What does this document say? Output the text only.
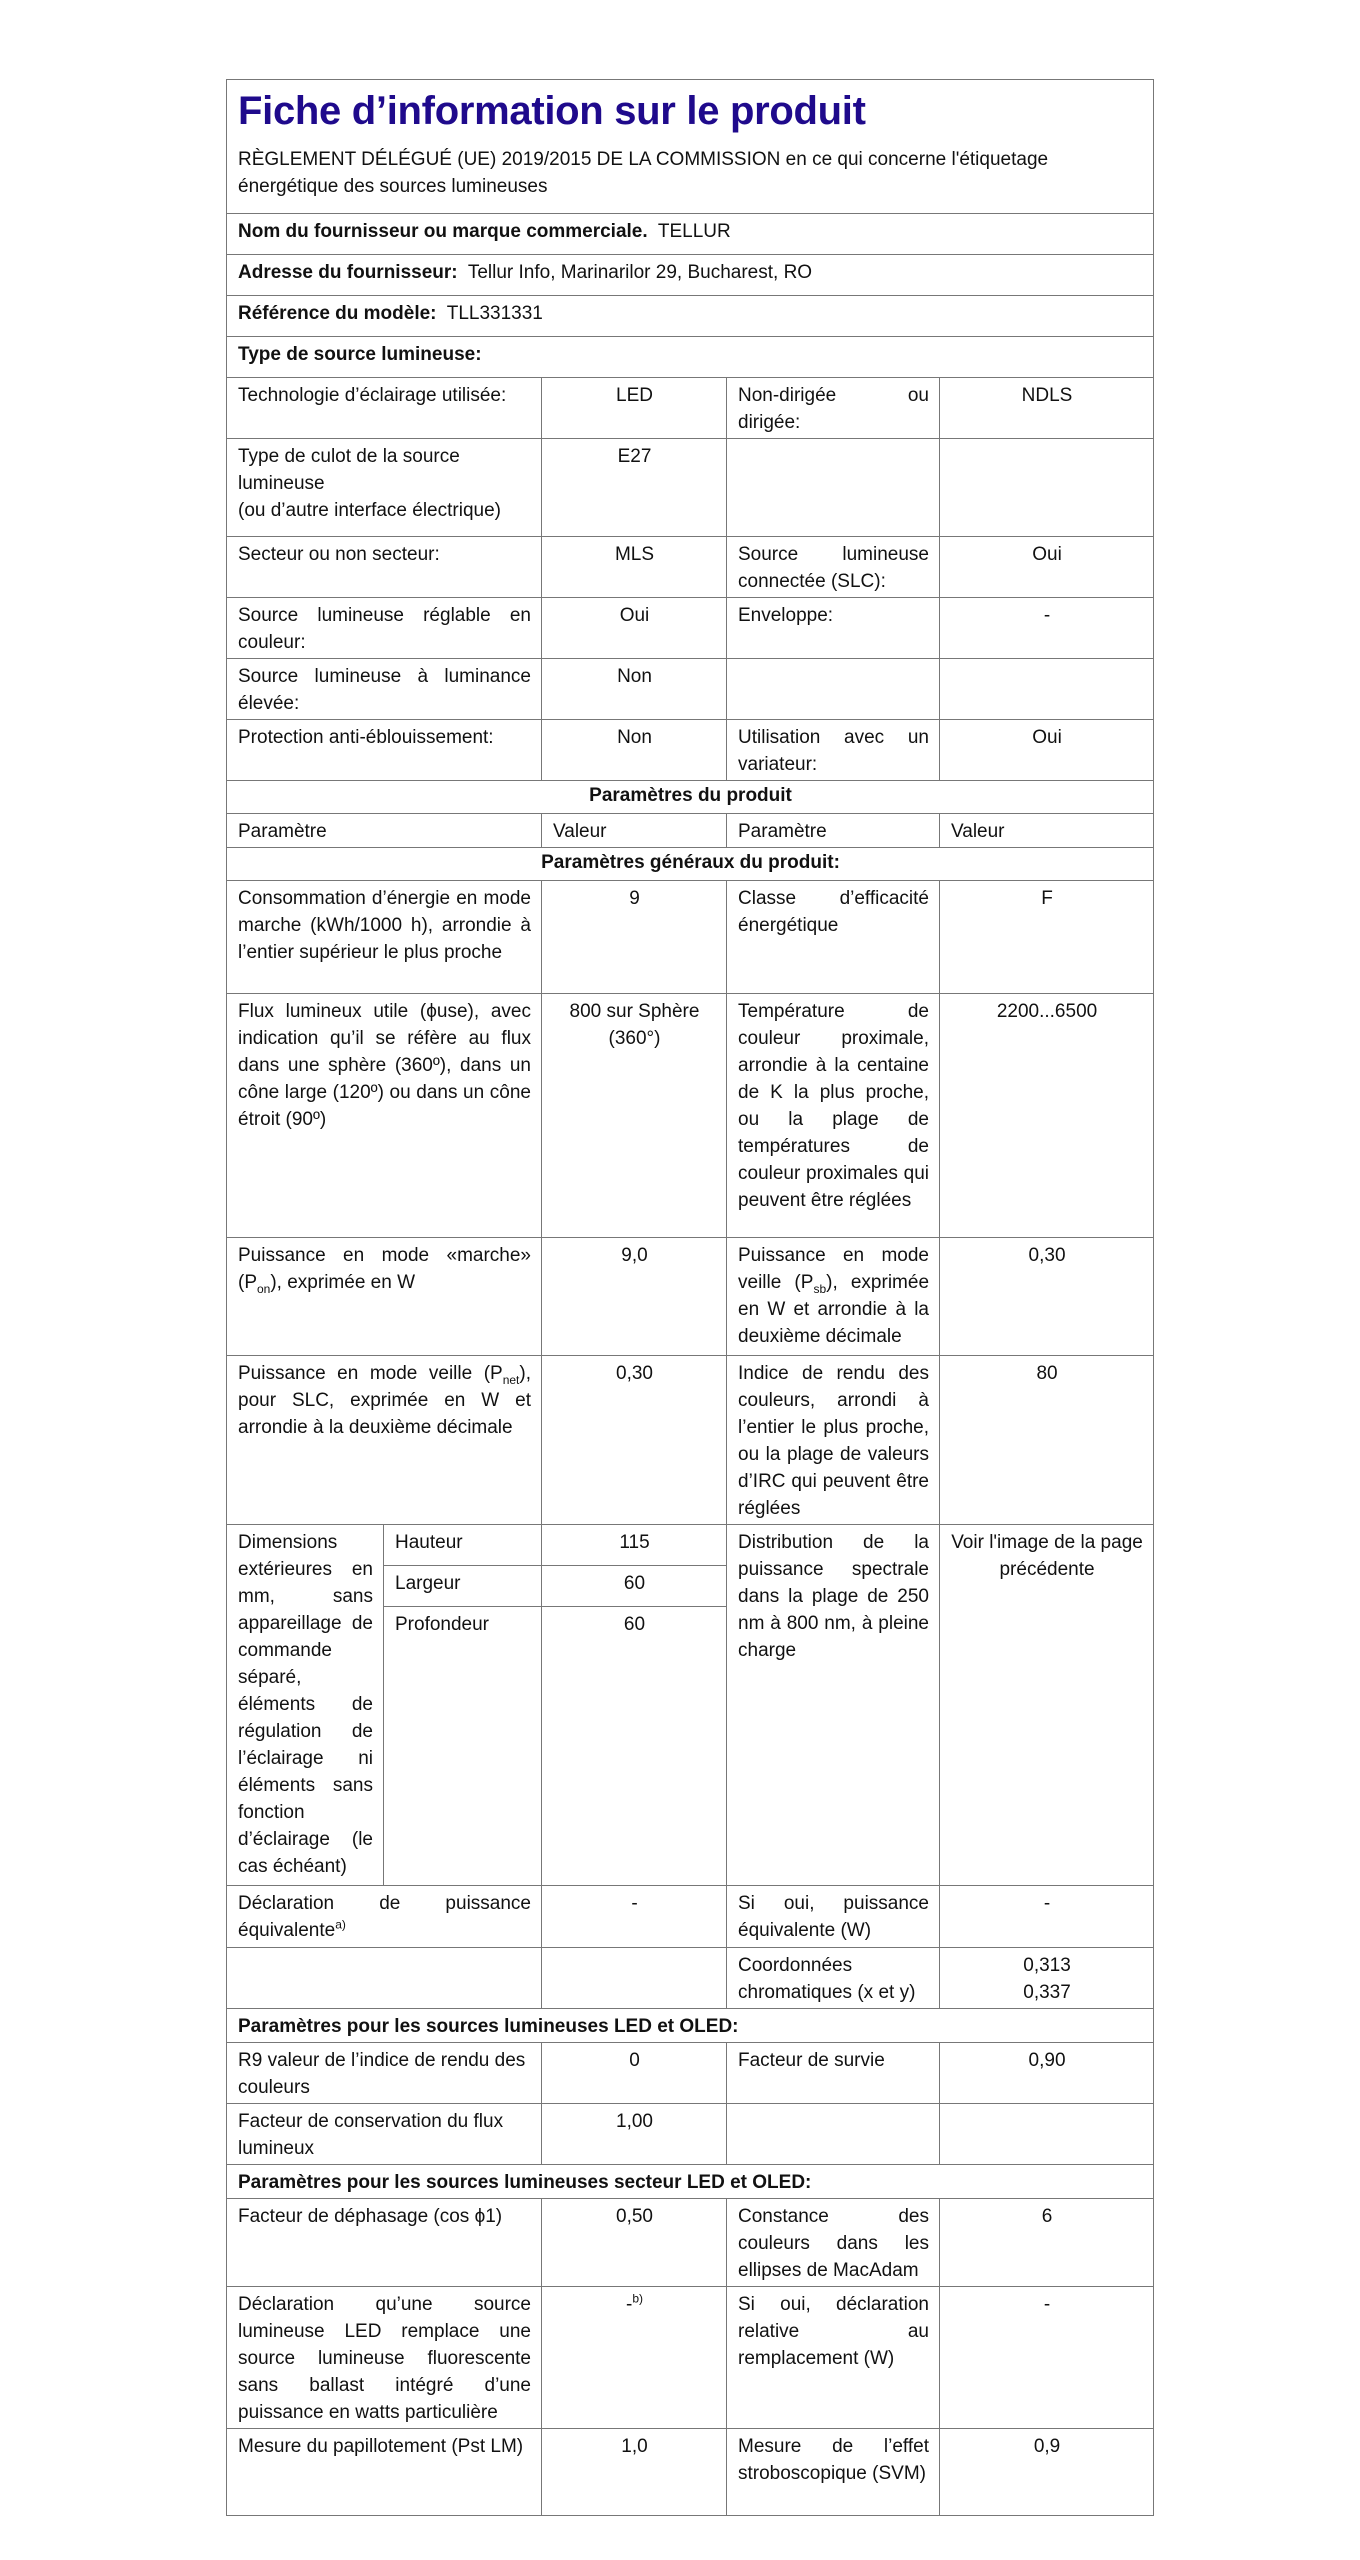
Fiche d’information sur le produit
RÈGLEMENT DÉLÉGUÉ (UE) 2019/2015 DE LA COMMISSION en ce qui concerne l'étiquetage énergétique des sources lumineuses				

Nom du fournisseur ou marque commerciale.  TELLUR				
Adresse du fournisseur:  Tellur Info, Marinarilor 29, Bucharest, RO				
Référence du modèle:  TLL331331				
Type de source lumineuse:				
Technologie d’éclairage utilisée:		LED	Non-dirigée ou dirigée:	NDLS
Type de culot de la source lumineuse
(ou d’autre interface électrique)		E27		
Secteur ou non secteur:		MLS	Source lumineuse connectée (SLC):	Oui
Source lumineuse réglable en couleur:		Oui	Enveloppe:	-
Source lumineuse à luminance élevée:		Non		
Protection anti-éblouissement:		Non	Utilisation avec un variateur:	Oui
Paramètres du produit				
Paramètre		Valeur	Paramètre	Valeur
Paramètres généraux du produit:				
Consommation d’énergie en mode marche (kWh/1000 h), arrondie à l’entier supérieur le plus proche		9	Classe d’efficacité énergétique	F
Flux lumineux utile (ϕuse), avec indication qu’il se réfère au flux dans une sphère (360º), dans un cône large (120º) ou dans un cône étroit (90º)		800 sur Sphère (360°)	Température de couleur proximale, arrondie à la centaine de K la plus proche, ou la plage de températures de couleur proximales qui peuvent être réglées	2200...6500
Puissance en mode «marche» $(P_{on})$, exprimée en W		9,0	Puissance en mode veille $(P_{sb})$, exprimée en W et arrondie à la deuxième décimale	0,30
Puissance en mode veille $(P_{net})$, pour SLC, exprimée en W et arrondie à la deuxième décimale		0,30	Indice de rendu des couleurs, arrondi à l’entier le plus proche, ou la plage de valeurs d’IRC qui peuvent être réglées	80
Dimensions extérieures en mm, sans appareillage de commande séparé, éléments de régulation de l’éclairage ni éléments sans fonction d’éclairage (le cas échéant)	Hauteur	115	Distribution de la puissance spectrale dans la plage de 250 nm à 800 nm, à pleine charge	Voir l'image de la page précédente
	Largeur	60		
	Profondeur	60		
Déclaration de puissance équivalente$^{a)}$		-	Si oui, puissance équivalente (W)	-
			Coordonnées chromatiques (x et y)	0,313
0,337
Paramètres pour les sources lumineuses LED et OLED:				
R9 valeur de l’indice de rendu des couleurs		0	Facteur de survie	0,90
Facteur de conservation du flux lumineux		1,00		
Paramètres pour les sources lumineuses secteur LED et OLED:				
Facteur de déphasage (cos ϕ1)		0,50	Constance des couleurs dans les ellipses de MacAdam	6
Déclaration qu’une source lumineuse LED remplace une source lumineuse fluorescente sans ballast intégré d’une puissance en watts particulière		-$^{b)}$	Si oui, déclaration relative au remplacement (W)	-
Mesure du papillotement (Pst LM)		1,0	Mesure de l’effet stroboscopique (SVM)	0,9
